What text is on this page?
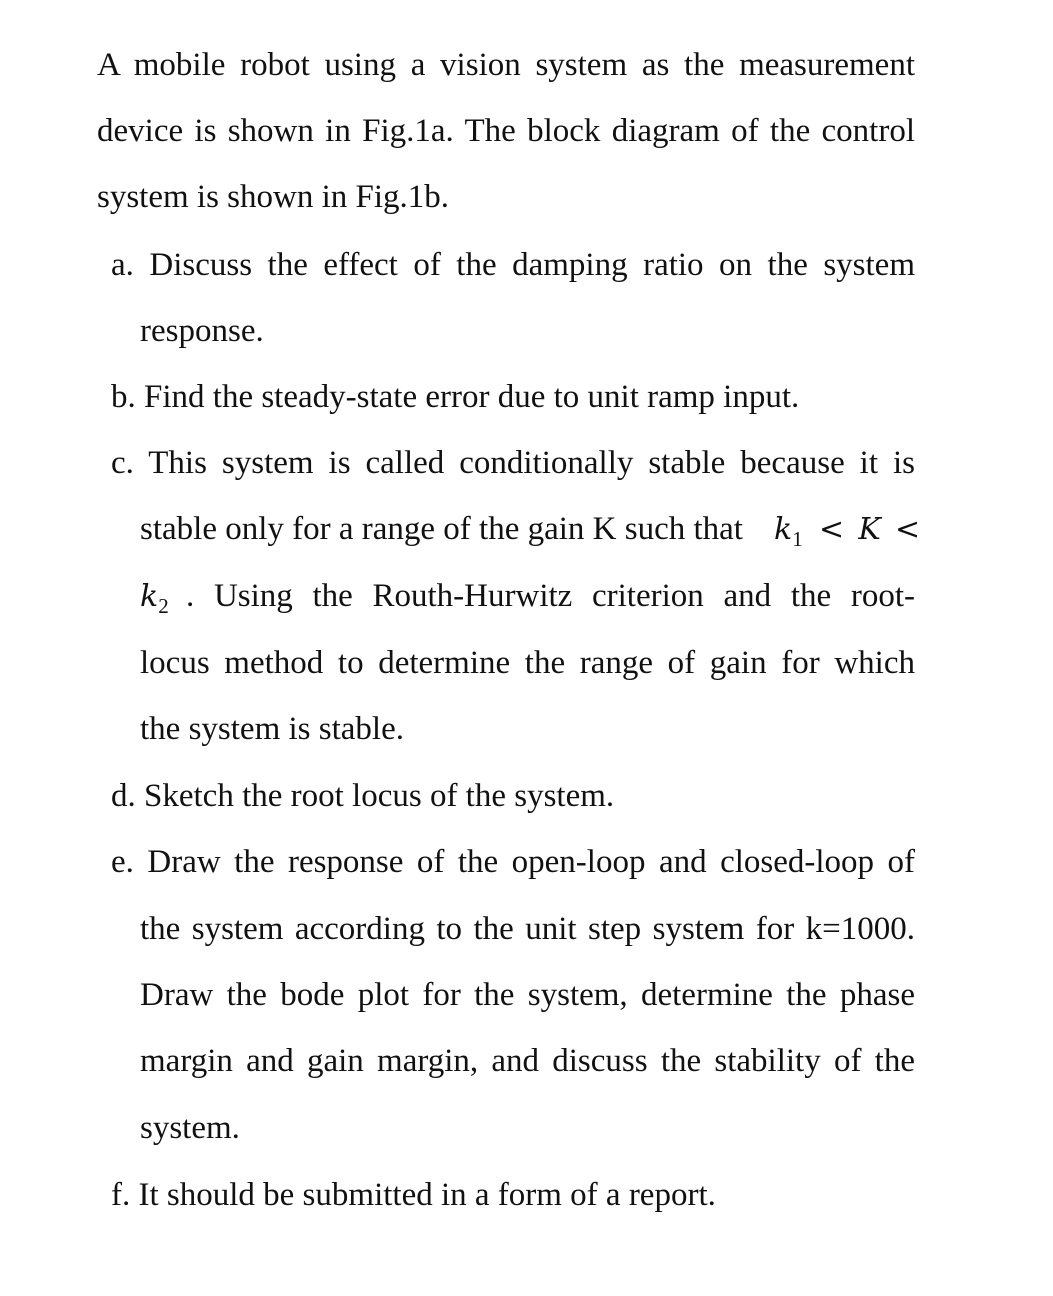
A mobile robot using a vision system as the measurement
device is shown in Fig.1a. The block diagram of the control
system is shown in Fig.1b.
a. Discuss the effect of the damping ratio on the system
response.
b. Find the steady-state error due to unit ramp input.
c. This system is called conditionally stable because it is
stable only for a range of the gain K such that $k_1 < K$ <
$k_2$ . Using the Routh-Hurwitz criterion and the root-
locus method to determine the range of gain for which
the system is stable.
d. Sketch the root locus of the system.
e. Draw the response of the open-loop and closed-loop of
the system according to the unit step system for k=1000.
Draw the bode plot for the system, determine the phase
margin and gain margin, and discuss the stability of the
system.
f. It should be submitted in a form of a report.
